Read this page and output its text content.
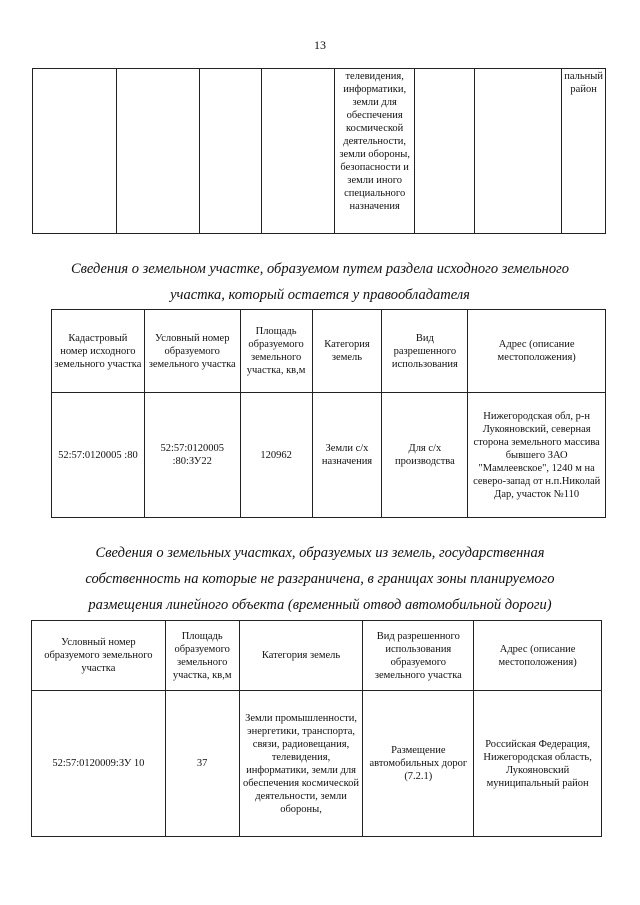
13
				телевидения, информатики, земли для обеспечения космической деятельности, земли обороны, безопасности и земли иного специального назначения			пальный район
Сведения о земельном участке, образуемом путем раздела исходного земельного
участка, который остается у правообладателя
Кадастровый номер исходного земельного участка	Условный номер образуемого земельного участка	Площадь образуемого земельного участка, кв,м	Категория земель	Вид разрешенного использования	Адрес (описание местоположения)
52:57:0120005 :80	52:57:0120005 :80:ЗУ22	120962	Земли с/х назначения	Для с/х производства	Нижегородская обл, р-н Лукояновский, северная сторона земельного массива бывшего ЗАО "Мамлеевское", 1240 м на северо-запад от н.п.Николай Дар, участок №110
Сведения о земельных участках, образуемых из земель, государственная
собственность на которые не разграничена, в границах зоны планируемого
размещения линейного объекта (временный отвод автомобильной дороги)
Условный номер образуемого земельного участка	Площадь образуемого земельного участка, кв,м	Категория земель	Вид разрешенного использования образуемого земельного участка	Адрес (описание местоположения)
52:57:0120009:ЗУ 10	37	Земли промышленности, энергетики, транспорта, связи, радиовещания, телевидения, информатики, земли для обеспечения космической деятельности, земли обороны,	Размещение автомобильных дорог (7.2.1)	Российская Федерация, Нижегородская область, Лукояновский муниципальный район
